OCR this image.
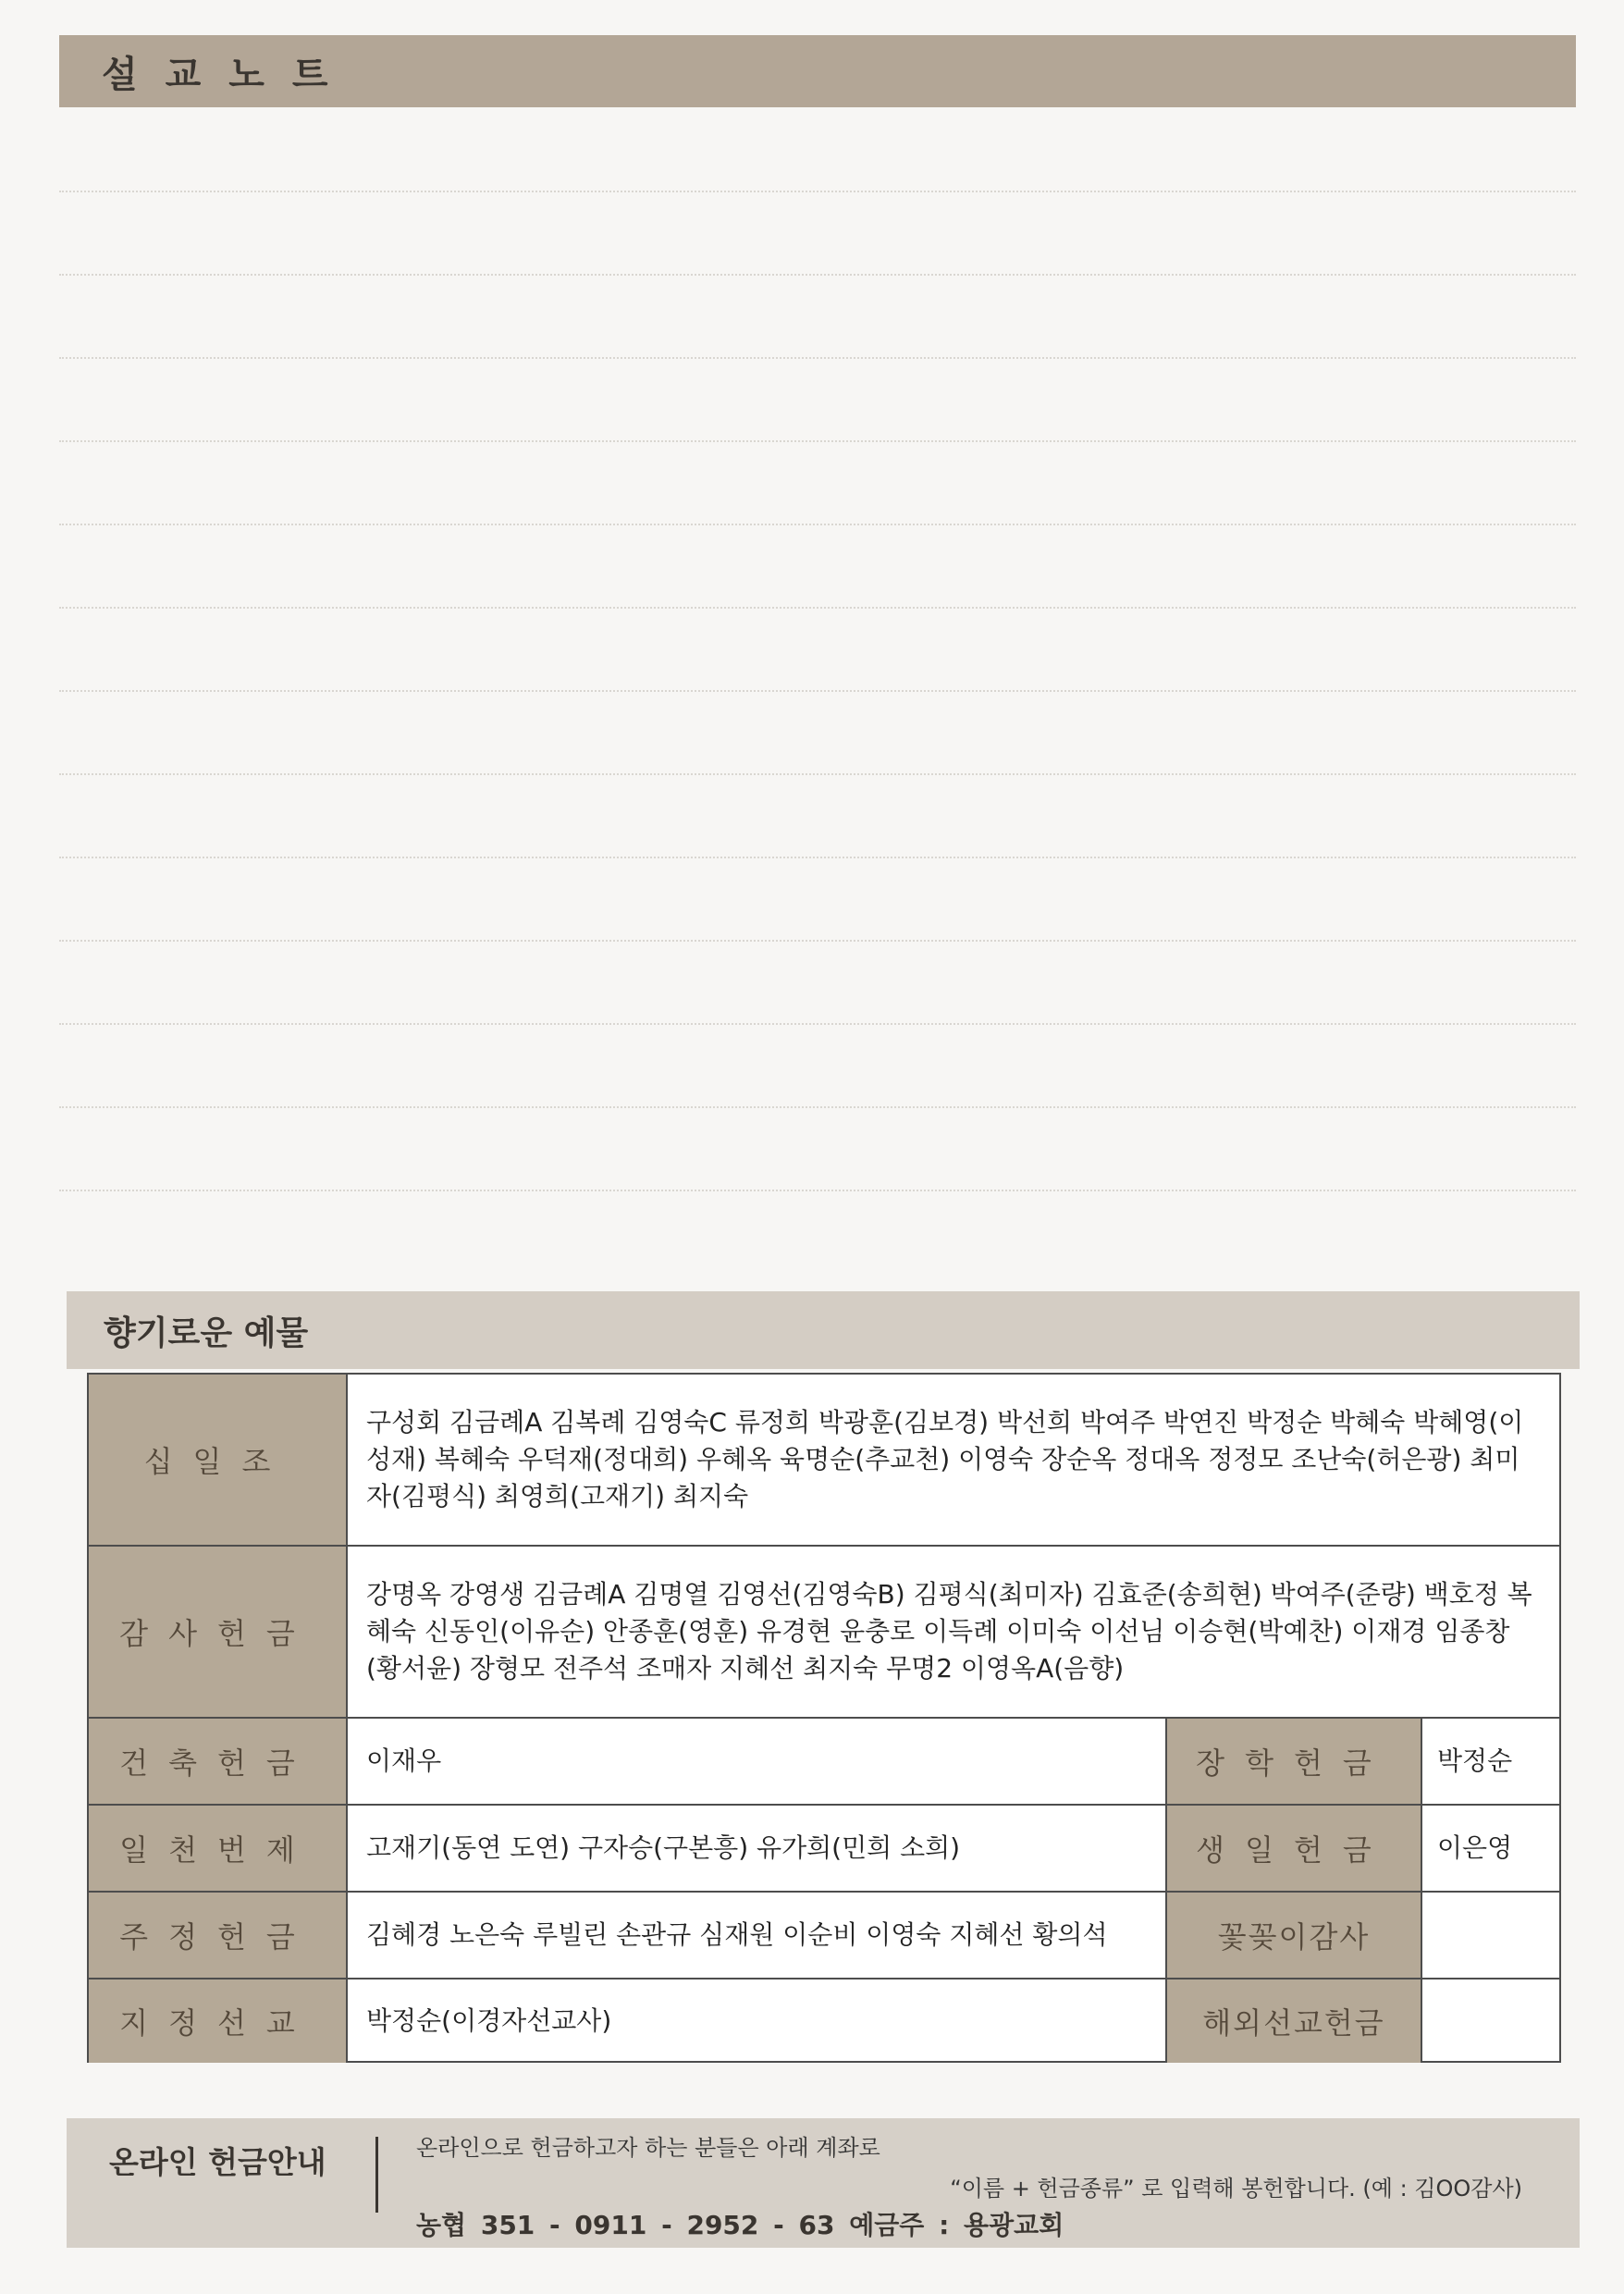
설교노트
향기로운 예물
십일조
구성회 김금례A 김복례 김영숙C 류정희 박광훈(김보경) 박선희 박여주 박연진 박정순 박혜숙 박혜영(이성재) 복혜숙 우덕재(정대희) 우혜옥 육명순(추교천) 이영숙 장순옥 정대옥 정정모 조난숙(허은광) 최미자(김평식) 최영희(고재기) 최지숙
감사헌금
강명옥 강영생 김금례A 김명열 김영선(김영숙B) 김평식(최미자) 김효준(송희현) 박여주(준량) 백호정 복혜숙 신동인(이유순) 안종훈(영훈) 유경현 윤충로 이득례 이미숙 이선님 이승현(박예찬) 이재경 임종창 (황서윤) 장형모 전주석 조매자 지혜선 최지숙 무명2 이영옥A(음향)
건축헌금	이재우	장학헌금	박정순
일천번제	고재기(동연 도연) 구자승(구본흥) 유가희(민희 소희)	생일헌금	이은영
주정헌금	김혜경 노은숙 루빌린 손관규 심재원 이순비 이영숙 지혜선 황의석	꽃꽂이감사
지정선교	박정순(이경자선교사)	해외선교헌금
온라인 헌금안내	온라인으로 헌금하고자 하는 분들은 아래 계좌로
“이름 + 헌금종류” 로 입력해 봉헌합니다. (예 : 김OO감사)
농협 351 - 0911 - 2952 - 63 예금주 : 용광교회
